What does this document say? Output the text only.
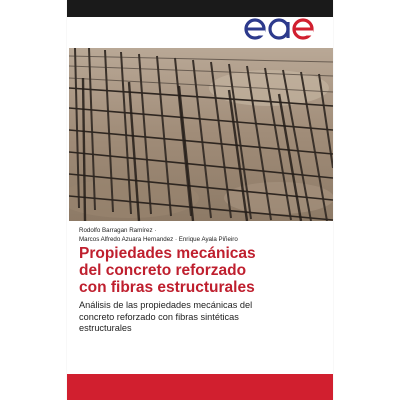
Rodolfo Barragan Ramírez ·
Marcos Alfredo Azuara Hernandez · Enrique Ayala Piñeiro
Propiedades mecánicas
del concreto reforzado
con fibras estructurales
Análisis de las propiedades mecánicas del
concreto reforzado con fibras sintéticas
estructurales
